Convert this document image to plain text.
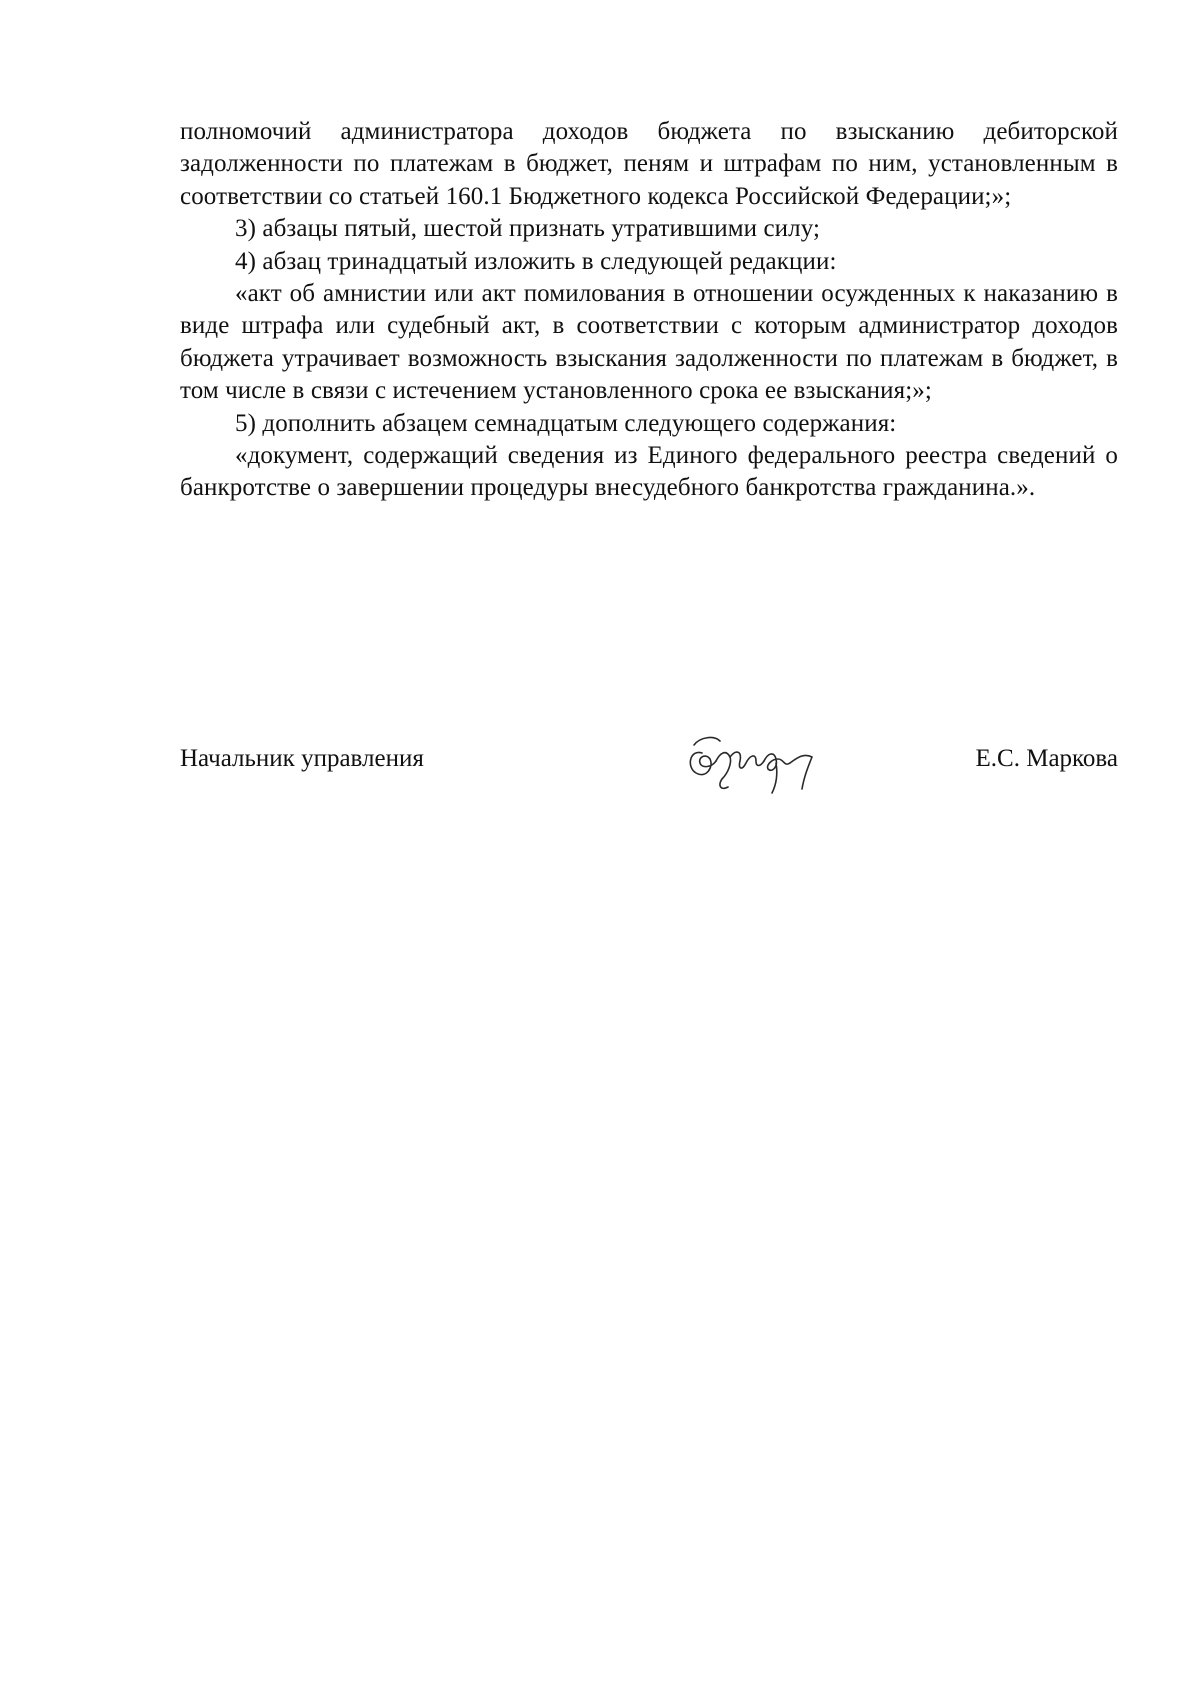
полномочий администратора доходов бюджета по взысканию дебиторской задолженности по платежам в бюджет, пеням и штрафам по ним, установленным в соответствии со статьей 160.1 Бюджетного кодекса Российской Федерации;»;

3) абзацы пятый, шестой признать утратившими силу;

4) абзац тринадцатый изложить в следующей редакции:

«акт об амнистии или акт помилования в отношении осужденных к наказанию в виде штрафа или судебный акт, в соответствии с которым администратор доходов бюджета утрачивает возможность взыскания задолженности по платежам в бюджет, в том числе в связи с истечением установленного срока ее взыскания;»;

5) дополнить абзацем семнадцатым следующего содержания:

«документ, содержащий сведения из Единого федерального реестра сведений о банкротстве о завершении процедуры внесудебного банкротства гражданина.».

Начальник управления	Е.С. Маркова
